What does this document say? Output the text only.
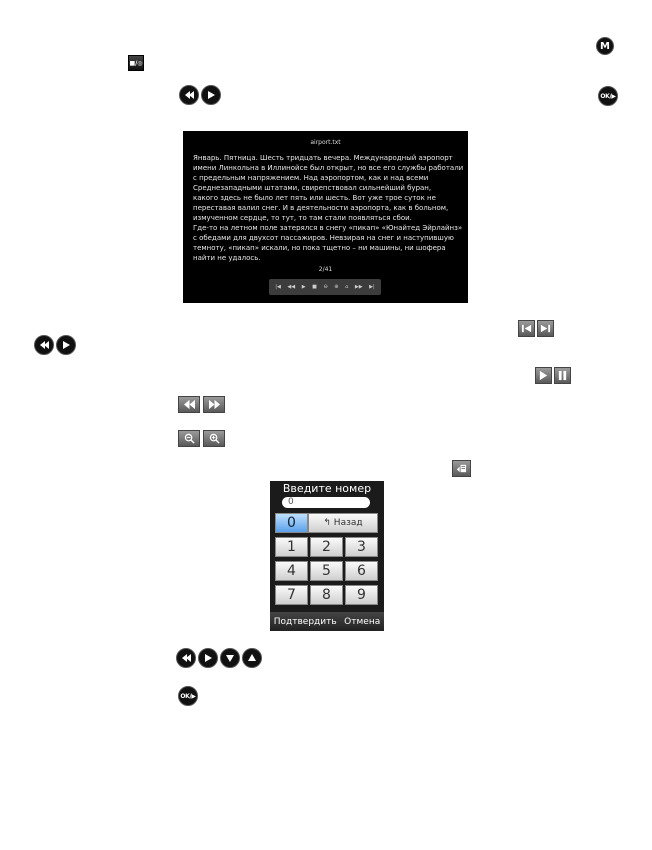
M
■/◎
OK/▶
airport.txt
Январь. Пятница. Шесть тридцать вечера. Международный аэропорт
имени Линкольна в Иллинойсе был открыт, но все его службы работали
с предельным напряжением. Над аэропортом, как и над всеми
Среднезападными штатами, свирепствовал сильнейший буран,
какого здесь не было лет пять или шесть. Вот уже трое суток не
переставая валил снег. И в деятельности аэропорта, как в больном,
измученном сердце, то тут, то там стали появляться сбои.
Где-то на летном поле затерялся в снегу «пикап» «Юнайтед Эйрлайнз»
с обедами для двухсот пассажиров. Невзирая на снег и наступившую
темноту, «пикап» искали, но пока тщетно – ни машины, ни шофера
найти не удалось.
2/41
|◀ ◀◀ ▶ ■ ⊖ ⊕ ⌂ ▶▶ ▶|
Введите номер
0
0	↰ Назад
1	2	3
4	5	6
7	8	9
Подтвердить Отмена
OK/▶
